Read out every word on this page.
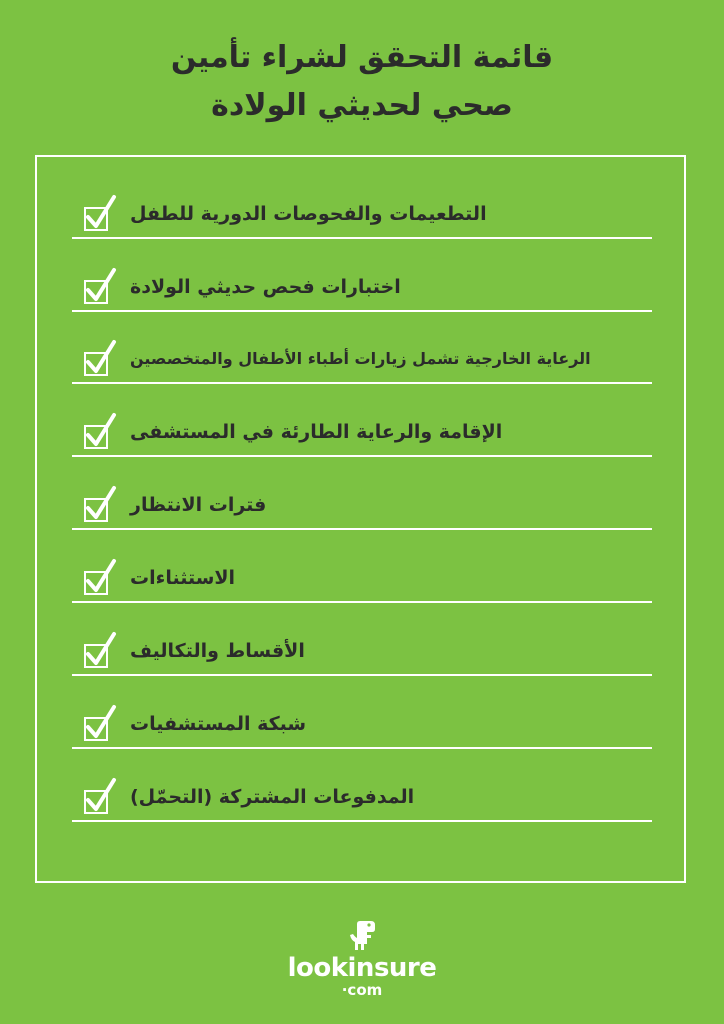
قائمة التحقق لشراء تأمين
صحي لحديثي الولادة
التطعيمات والفحوصات الدورية للطفل
اختبارات فحص حديثي الولادة
الرعاية الخارجية تشمل زيارات أطباء الأطفال والمتخصصين
الإقامة والرعاية الطارئة في المستشفى
فترات الانتظار
الاستثناءات
الأقساط والتكاليف
شبكة المستشفيات
المدفوعات المشتركة (التحمّل)
lookinsure
·com
